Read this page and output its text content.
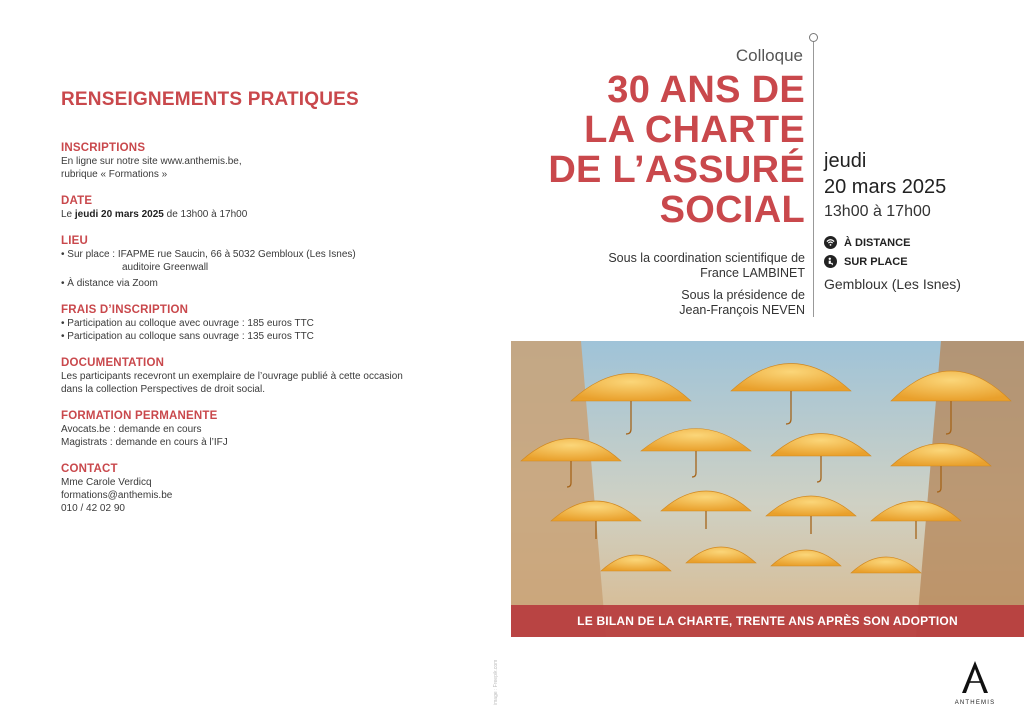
RENSEIGNEMENTS PRATIQUES
INSCRIPTIONS
En ligne sur notre site www.anthemis.be,
rubrique « Formations »
DATE
Le jeudi 20 mars 2025 de 13h00 à 17h00
LIEU
• Sur place : IFAPME rue Saucin, 66 à 5032 Gembloux (Les Isnes)
auditoire Greenwall
• À distance via Zoom
FRAIS D’INSCRIPTION
• Participation au colloque avec ouvrage : 185 euros TTC
• Participation au colloque sans ouvrage : 135 euros TTC
DOCUMENTATION
Les participants recevront un exemplaire de l’ouvrage publié à cette occasion
dans la collection Perspectives de droit social.
FORMATION PERMANENTE
Avocats.be : demande en cours
Magistrats : demande en cours à l’IFJ
CONTACT
Mme Carole Verdicq
formations@anthemis.be
010 / 42 02 90
Colloque
30 ANS DE
LA CHARTE
DE L’ASSURÉ
SOCIAL
Sous la coordination scientifique de
France LAMBINET
Sous la présidence de
Jean-François NEVEN
jeudi
20 mars 2025
13h00 à 17h00
À DISTANCE
SUR PLACE
Gembloux (Les Isnes)
LE BILAN DE LA CHARTE, TRENTE ANS APRÈS SON ADOPTION
image : Freepik.com	ANTHEMIS
